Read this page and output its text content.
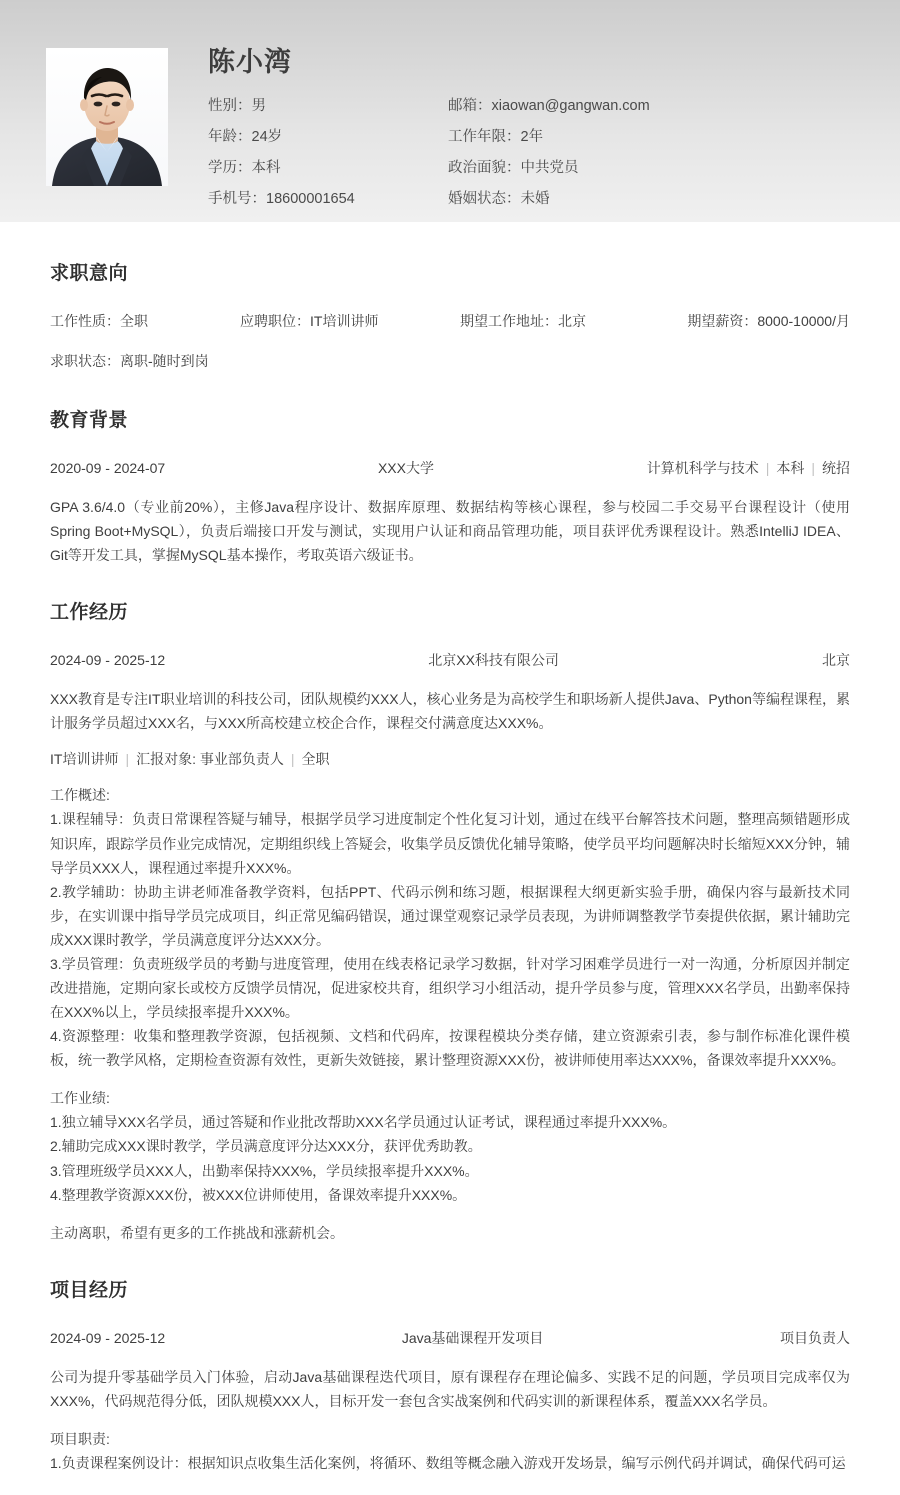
陈小湾
性别：男	邮箱：xiaowan@gangwan.com
年龄：24岁	工作年限：2年
学历：本科	政治面貌：中共党员
手机号：18600001654	婚姻状态：未婚
求职意向
工作性质：全职	应聘职位：IT培训讲师	期望工作地址：北京	期望薪资：8000-10000/月
求职状态：离职-随时到岗
教育背景
2020-09 - 2024-07	XXX大学	计算机科学与技术 | 本科 | 统招
GPA 3.6/4.0（专业前20%），主修Java程序设计、数据库原理、数据结构等核心课程，参与校园二手交易平台课程设计（使用Spring Boot+MySQL），负责后端接口开发与测试，实现用户认证和商品管理功能，项目获评优秀课程设计。熟悉IntelliJ IDEA、Git等开发工具，掌握MySQL基本操作，考取英语六级证书。
工作经历
2024-09 - 2025-12	北京XX科技有限公司	北京
XXX教育是专注IT职业培训的科技公司，团队规模约XXX人，核心业务是为高校学生和职场新人提供Java、Python等编程课程，累计服务学员超过XXX名，与XXX所高校建立校企合作，课程交付满意度达XXX%。
IT培训讲师 | 汇报对象: 事业部负责人 | 全职
工作概述:
1.课程辅导：负责日常课程答疑与辅导，根据学员学习进度制定个性化复习计划，通过在线平台解答技术问题，整理高频错题形成知识库，跟踪学员作业完成情况，定期组织线上答疑会，收集学员反馈优化辅导策略，使学员平均问题解决时长缩短XXX分钟，辅导学员XXX人，课程通过率提升XXX%。
2.教学辅助：协助主讲老师准备教学资料，包括PPT、代码示例和练习题，根据课程大纲更新实验手册，确保内容与最新技术同步，在实训课中指导学员完成项目，纠正常见编码错误，通过课堂观察记录学员表现，为讲师调整教学节奏提供依据，累计辅助完成XXX课时教学，学员满意度评分达XXX分。
3.学员管理：负责班级学员的考勤与进度管理，使用在线表格记录学习数据，针对学习困难学员进行一对一沟通，分析原因并制定改进措施，定期向家长或校方反馈学员情况，促进家校共育，组织学习小组活动，提升学员参与度，管理XXX名学员，出勤率保持在XXX%以上，学员续报率提升XXX%。
4.资源整理：收集和整理教学资源，包括视频、文档和代码库，按课程模块分类存储，建立资源索引表，参与制作标准化课件模板，统一教学风格，定期检查资源有效性，更新失效链接，累计整理资源XXX份，被讲师使用率达XXX%，备课效率提升XXX%。
工作业绩:
1.独立辅导XXX名学员，通过答疑和作业批改帮助XXX名学员通过认证考试，课程通过率提升XXX%。
2.辅助完成XXX课时教学，学员满意度评分达XXX分，获评优秀助教。
3.管理班级学员XXX人，出勤率保持XXX%，学员续报率提升XXX%。
4.整理教学资源XXX份，被XXX位讲师使用，备课效率提升XXX%。
主动离职，希望有更多的工作挑战和涨薪机会。
项目经历
2024-09 - 2025-12	Java基础课程开发项目	项目负责人
公司为提升零基础学员入门体验，启动Java基础课程迭代项目，原有课程存在理论偏多、实践不足的问题，学员项目完成率仅为XXX%，代码规范得分低，团队规模XXX人，目标开发一套包含实战案例和代码实训的新课程体系，覆盖XXX名学员。
项目职责:
1.负责课程案例设计：根据知识点收集生活化案例，将循环、数组等概念融入游戏开发场景，编写示例代码并调试，确保代码可运
